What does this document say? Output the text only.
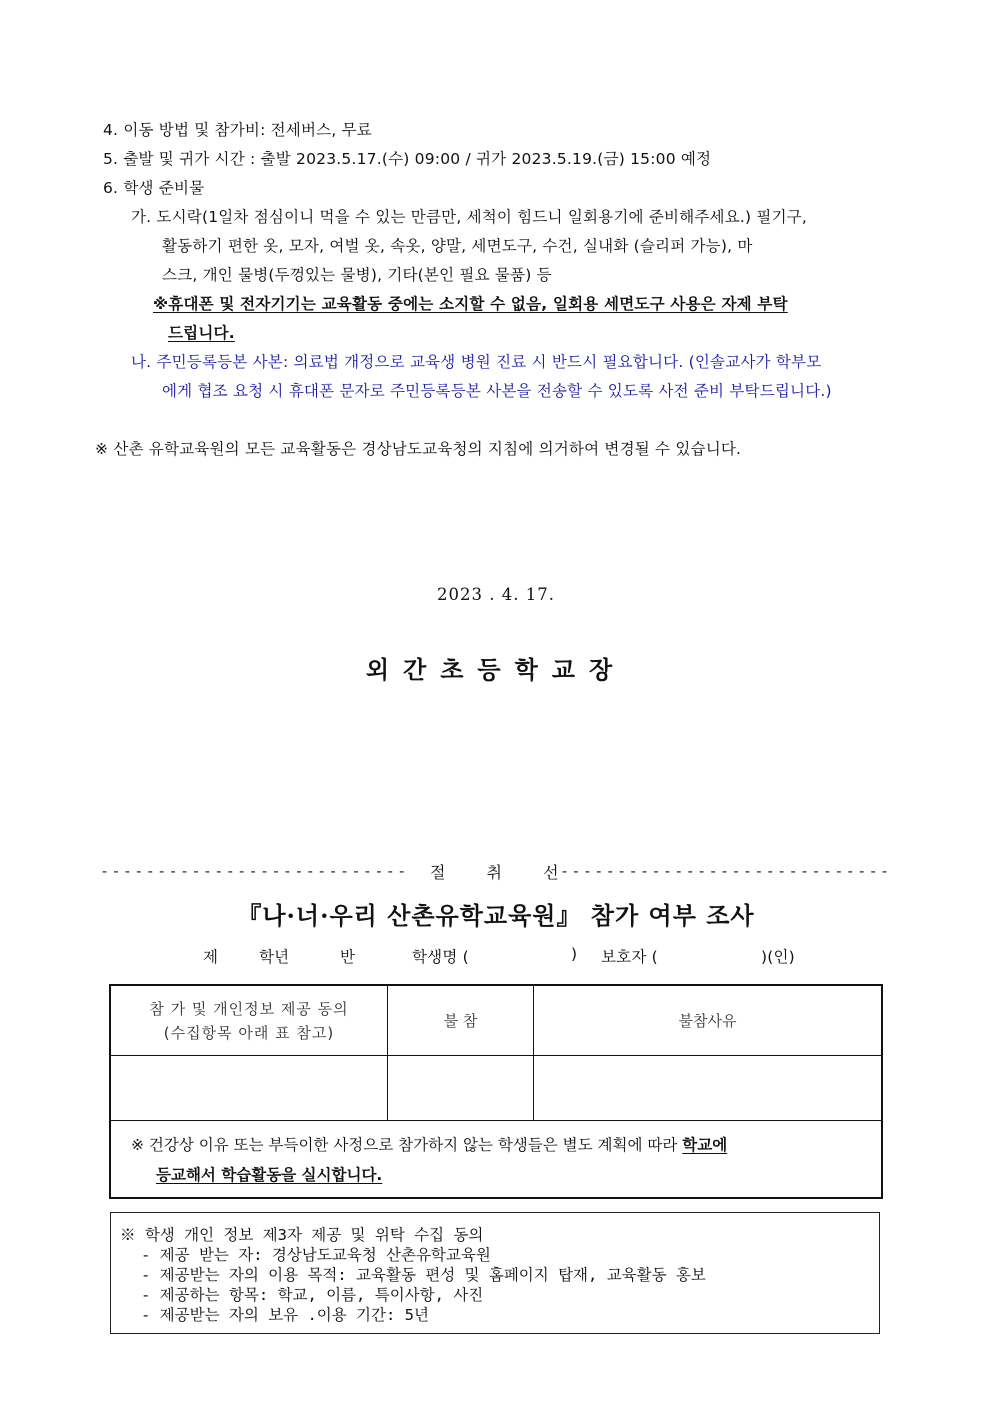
4. 이동 방법 및 참가비: 전세버스, 무료
5. 출발 및 귀가 시간 : 출발 2023.5.17.(수) 09:00 / 귀가 2023.5.19.(금) 15:00 예정
6. 학생 준비물
가. 도시락(1일차 점심이니 먹을 수 있는 만큼만, 세척이 힘드니 일회용기에 준비해주세요.) 필기구,
활동하기 편한 옷, 모자, 여벌 옷, 속옷, 양말, 세면도구, 수건, 실내화 (슬리퍼 가능), 마
스크, 개인 물병(두껑있는 물병), 기타(본인 필요 물품) 등
※휴대폰 및 전자기기는 교육활동 중에는 소지할 수 없음, 일회용 세면도구 사용은 자제 부탁
드립니다.
나. 주민등록등본 사본: 의료법 개정으로 교육생 병원 진료 시 반드시 필요합니다. (인솔교사가 학부모
에게 협조 요청 시 휴대폰 문자로 주민등록등본 사본을 전송할 수 있도록 사전 준비 부탁드립니다.)
※ 산촌 유학교육원의 모든 교육활동은 경상남도교육청의 지침에 의거하여 변경될 수 있습니다.
2023 . 4. 17.
외간초등학교장
--------------------------- 절 취 선
-----------------------------
『나·너·우리 산촌유학교육원』 참가 여부 조사
제	학년	반	학생명 (	) 보호자 (	)(인)
참 가 및 개인정보 제공 동의
(수집항목 아래 표 참고)	불 참	불참사유

※ 건강상 이유 또는 부득이한 사정으로 참가하지 않는 학생들은 별도 계획에 따라 학교에
등교해서 학습활동을 실시합니다.		
※ 학생 개인 정보 제3자 제공 및 위탁 수집 동의
- 제공 받는 자: 경상남도교육청 산촌유학교육원
- 제공받는 자의 이용 목적: 교육활동 편성 및 홈페이지 탑재, 교육활동 홍보
- 제공하는 항목: 학교, 이름, 특이사항, 사진
- 제공받는 자의 보유 .이용 기간: 5년
